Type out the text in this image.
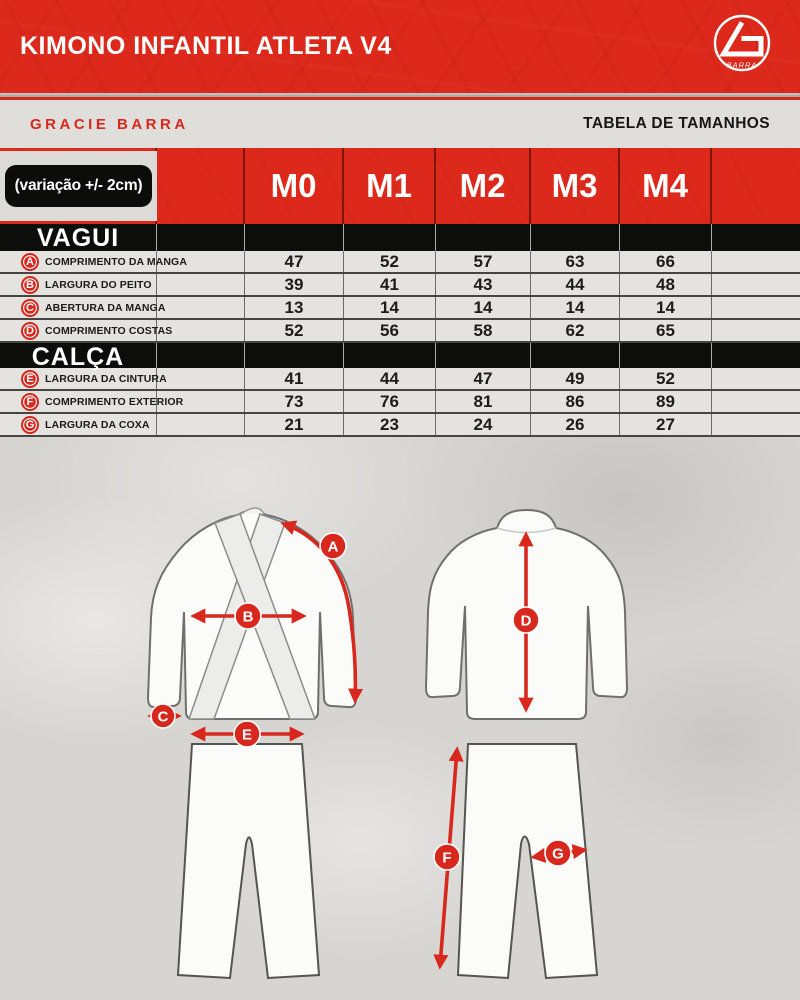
KIMONO INFANTIL ATLETA V4
BARRA
GRACIE BARRA	TABELA DE TAMANHOS
M0	M1	M2	M3	M4
(variação +/- 2cm)
VAGUI
A	COMPRIMENTO DA MANGA	47	52	57	63	66
B	LARGURA DO PEITO	39	41	43	44	48
C	ABERTURA DA MANGA	13	14	14	14	14
D	COMPRIMENTO COSTAS	52	56	58	62	65
CALÇA
E	LARGURA DA CINTURA	41	44	47	49	52
F	COMPRIMENTO EXTERIOR	73	76	81	86	89
G	LARGURA DA COXA	21	23	24	26	27
A
B
C
D
E
F	G
